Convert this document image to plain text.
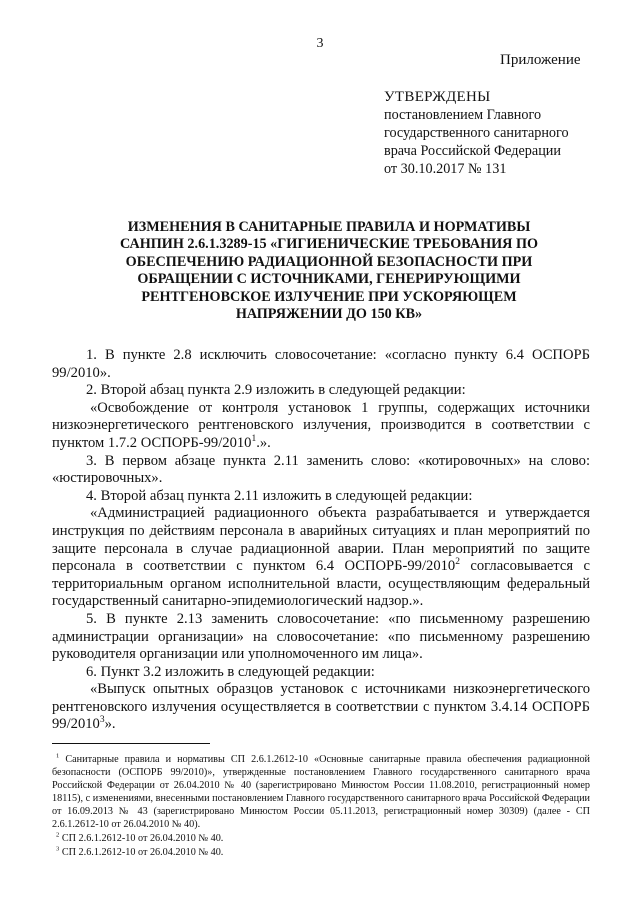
3
Приложение
УТВЕРЖДЕНЫ
постановлением Главного
государственного санитарного
врача Российской Федерации
от 30.10.2017 № 131
ИЗМЕНЕНИЯ В САНИТАРНЫЕ ПРАВИЛА И НОРМАТИВЫ
САНПИН 2.6.1.3289-15 «ГИГИЕНИЧЕСКИЕ ТРЕБОВАНИЯ ПО
ОБЕСПЕЧЕНИЮ РАДИАЦИОННОЙ БЕЗОПАСНОСТИ ПРИ
ОБРАЩЕНИИ С ИСТОЧНИКАМИ, ГЕНЕРИРУЮЩИМИ
РЕНТГЕНОВСКОЕ ИЗЛУЧЕНИЕ ПРИ УСКОРЯЮЩЕМ
НАПРЯЖЕНИИ ДО 150 КВ»

1. В пункте 2.8 исключить словосочетание: «согласно пункту 6.4 ОСПОРБ 99/2010».

2. Второй абзац пункта 2.9 изложить в следующей редакции:

«Освобождение от контроля установок 1 группы, содержащих источники низкоэнергетического рентгеновского излучения, производится в соответствии с пунктом 1.7.2 ОСПОРБ-99/2010$^1$.».

3. В первом абзаце пункта 2.11 заменить слово: «котировочных» на слово: «юстировочных».

4. Второй абзац пункта 2.11 изложить в следующей редакции:

«Администрацией радиационного объекта разрабатывается и утверждается инструкция по действиям персонала в аварийных ситуациях и план мероприятий по защите персонала в случае радиационной аварии. План мероприятий по защите персонала в соответствии с пунктом 6.4 ОСПОРБ-99/2010$^2$ согласовывается с территориальным органом исполнительной власти, осуществляющим федеральный государственный санитарно-эпидемиологический надзор.».

5. В пункте 2.13 заменить словосочетание: «по письменному разрешению администрации организации» на словосочетание: «по письменному разрешению руководителя организации или уполномоченного им лица».

6. Пункт 3.2 изложить в следующей редакции:

«Выпуск опытных образцов установок с источниками низкоэнергетического рентгеновского излучения осуществляется в соответствии с пунктом 3.4.14 ОСПОРБ 99/2010$^3$».

$^1$ Санитарные правила и нормативы СП 2.6.1.2612-10 «Основные санитарные правила обеспечения радиационной безопасности (ОСПОРБ 99/2010)», утвержденные постановлением Главного государственного санитарного врача Российской Федерации от 26.04.2010 № 40 (зарегистрировано Минюстом России 11.08.2010, регистрационный номер 18115), с изменениями, внесенными постановлением Главного государственного санитарного врача Российской Федерации от 16.09.2013 № 43 (зарегистрировано Минюстом России 05.11.2013, регистрационный номер 30309) (далее - СП 2.6.1.2612-10 от 26.04.2010 № 40).

$^2$ СП 2.6.1.2612-10 от 26.04.2010 № 40.

$^3$ СП 2.6.1.2612-10 от 26.04.2010 № 40.
